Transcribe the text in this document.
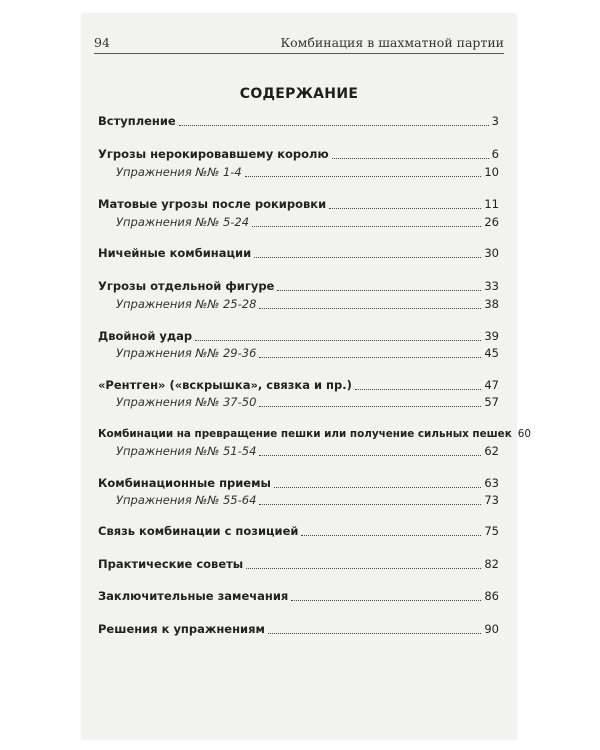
94	Комбинация в шахматной партии
СОДЕРЖАНИЕ
Вступление	3
Угрозы нерокировавшему королю	6
Упражнения №№ 1-4	10
Матовые угрозы после рокировки	11
Упражнения №№ 5-24	26
Ничейные комбинации	30
Угрозы отдельной фигуре	33
Упражнения №№ 25-28	38
Двойной удар	39
Упражнения №№ 29-36	45
«Рентген» («вскрышка», связка и пр.)	47
Упражнения №№ 37-50	57
Комбинации на превращение пешки или получение сильных пешек 60
Упражнения №№ 51-54	62
Комбинационные приемы	63
Упражнения №№ 55-64	73
Связь комбинации с позицией	75
Практические советы	82
Заключительные замечания	86
Решения к упражнениям	90
